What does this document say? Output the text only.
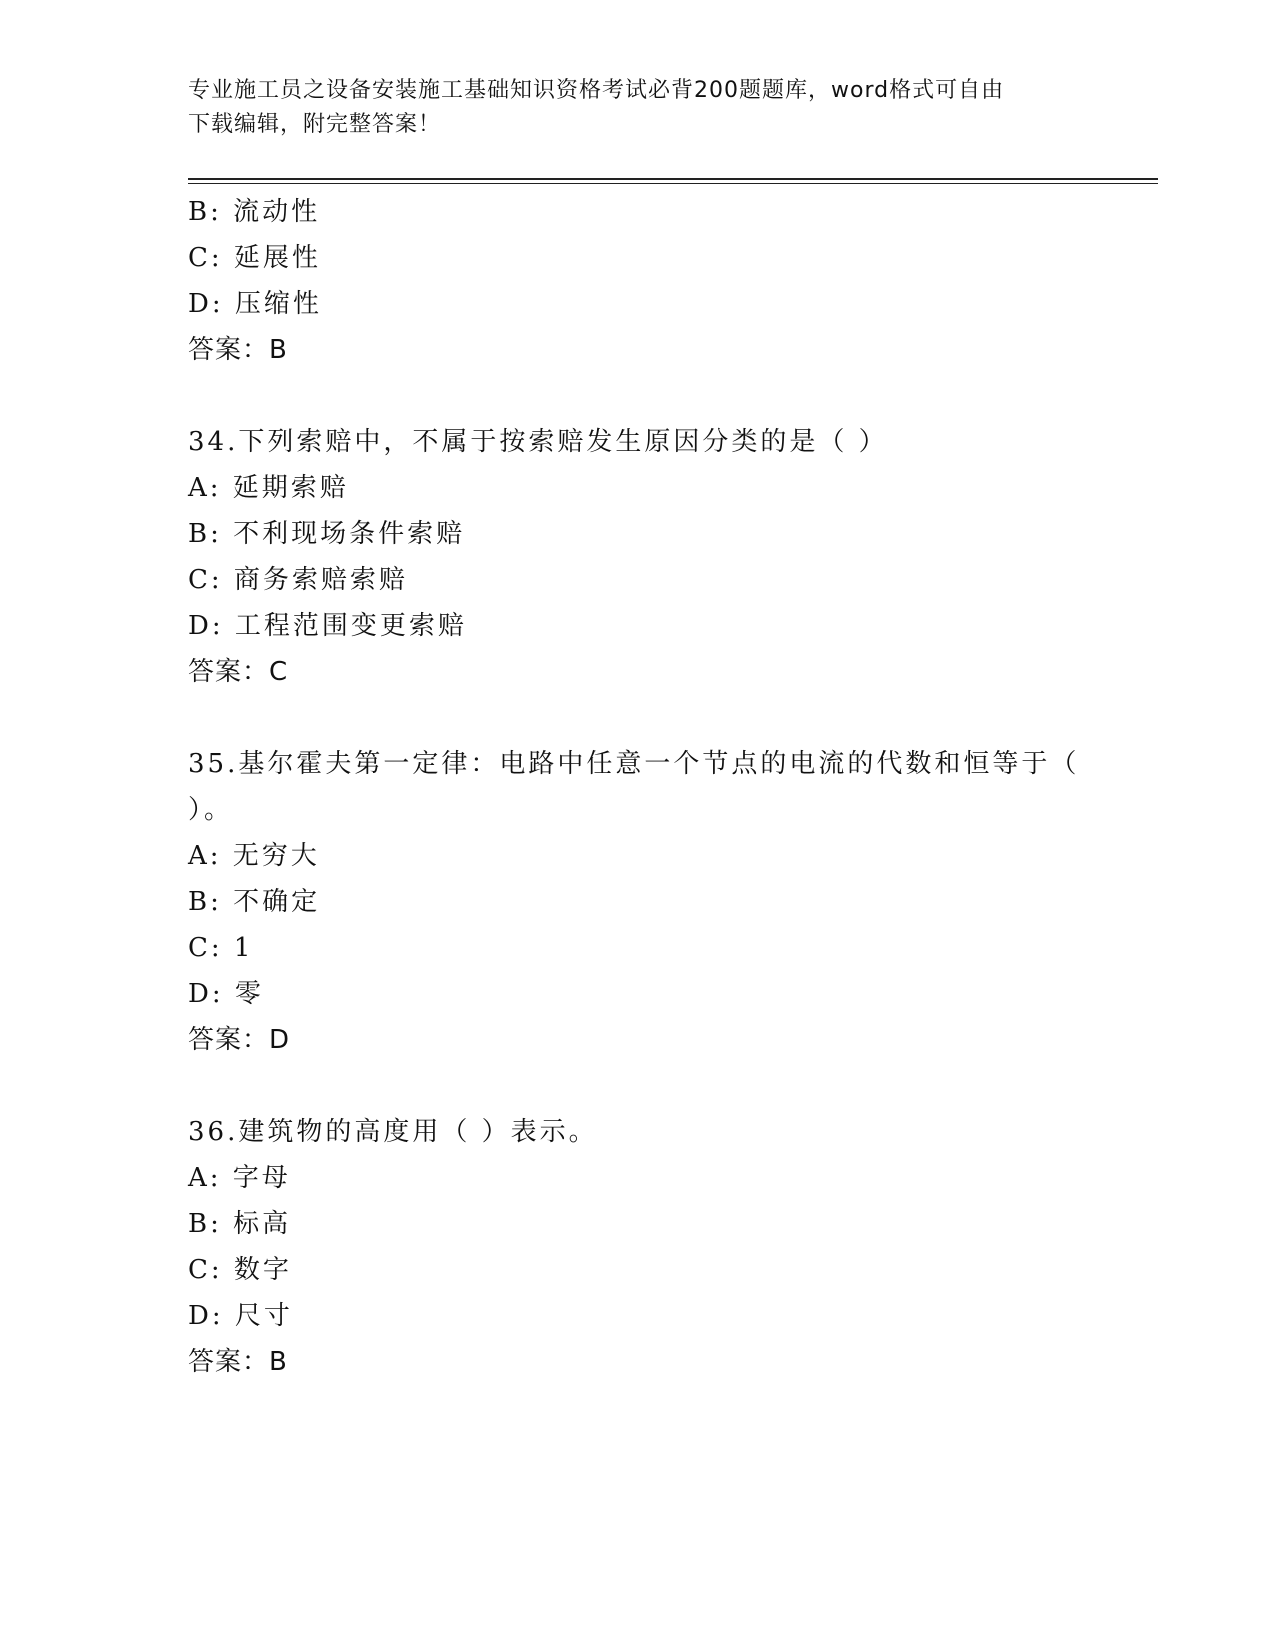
专业施工员之设备安装施工基础知识资格考试必背200题题库，word格式可自由
下载编辑，附完整答案！
B: 流动性
C: 延展性
D: 压缩性
答案：B
34.下列索赔中，不属于按索赔发生原因分类的是（ ）
A: 延期索赔
B: 不利现场条件索赔
C: 商务索赔索赔
D: 工程范围变更索赔
答案：C
35.基尔霍夫第一定律：电路中任意一个节点的电流的代数和恒等于（
）。
A: 无穷大
B: 不确定
C: 1
D: 零
答案：D
36.建筑物的高度用（ ）表示。
A: 字母
B: 标高
C: 数字
D: 尺寸
答案：B
